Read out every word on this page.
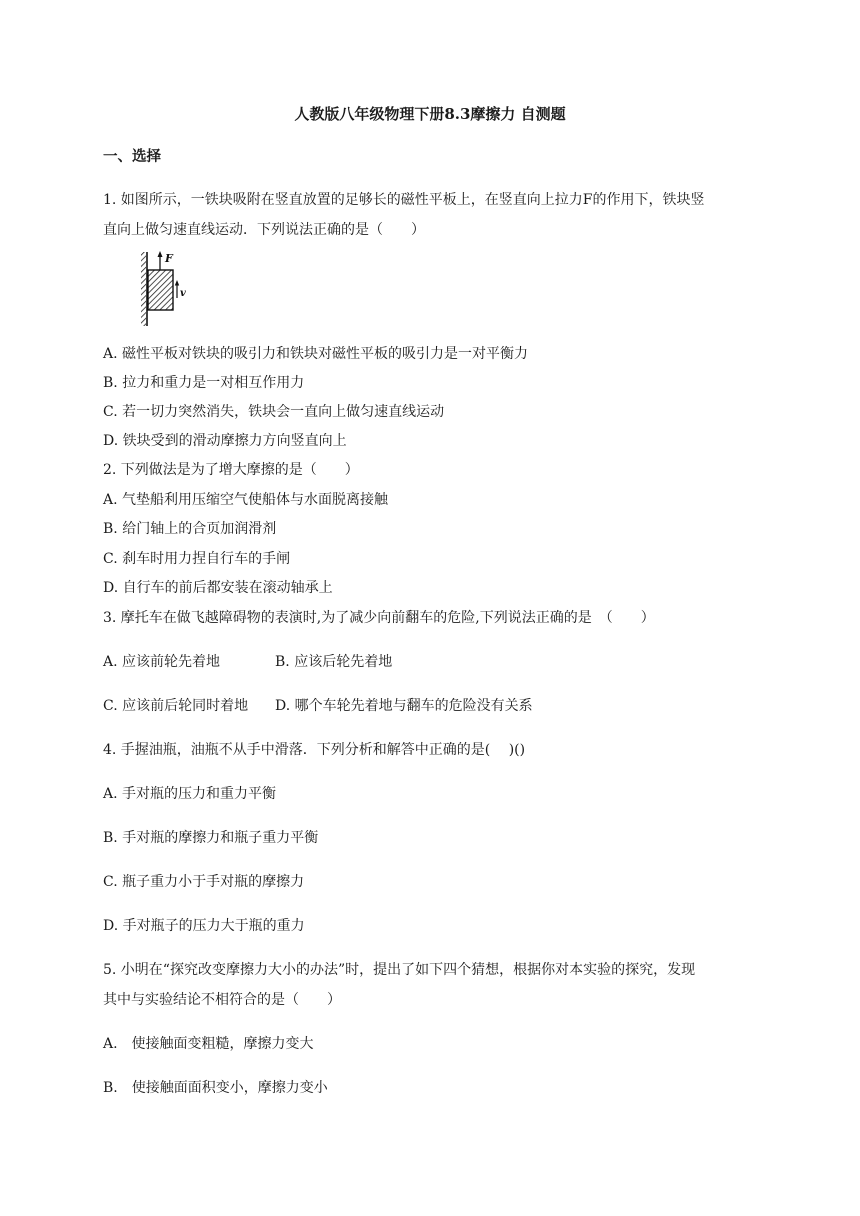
人教版八年级物理下册8.3摩擦力 自测题
一、选择
1. 如图所示，一铁块吸附在竖直放置的足够长的磁性平板上，在竖直向上拉力F的作用下，铁块竖
直向上做匀速直线运动．下列说法正确的是（　　）
F
v
A. 磁性平板对铁块的吸引力和铁块对磁性平板的吸引力是一对平衡力
B. 拉力和重力是一对相互作用力
C. 若一切力突然消失，铁块会一直向上做匀速直线运动
D. 铁块受到的滑动摩擦力方向竖直向上
2. 下列做法是为了增大摩擦的是（　　）
A. 气垫船利用压缩空气使船体与水面脱离接触
B. 给门轴上的合页加润滑剂
C. 刹车时用力捏自行车的手闸
D. 自行车的前后都安装在滚动轴承上
3. 摩托车在做飞越障碍物的表演时,为了减少向前翻车的危险,下列说法正确的是　（　　）
A. 应该前轮先着地	B. 应该后轮先着地
C. 应该前后轮同时着地 D. 哪个车轮先着地与翻车的危险没有关系
4. 手握油瓶，油瓶不从手中滑落．下列分析和解答中正确的是(　 )()
A. 手对瓶的压力和重力平衡
B. 手对瓶的摩擦力和瓶子重力平衡
C. 瓶子重力小于手对瓶的摩擦力
D. 手对瓶子的压力大于瓶的重力
5. 小明在“探究改变摩擦力大小的办法”时，提出了如下四个猜想，根据你对本实验的探究，发现
其中与实验结论不相符合的是（　　）
A.　使接触面变粗糙，摩擦力变大
B.　使接触面面积变小，摩擦力变小
